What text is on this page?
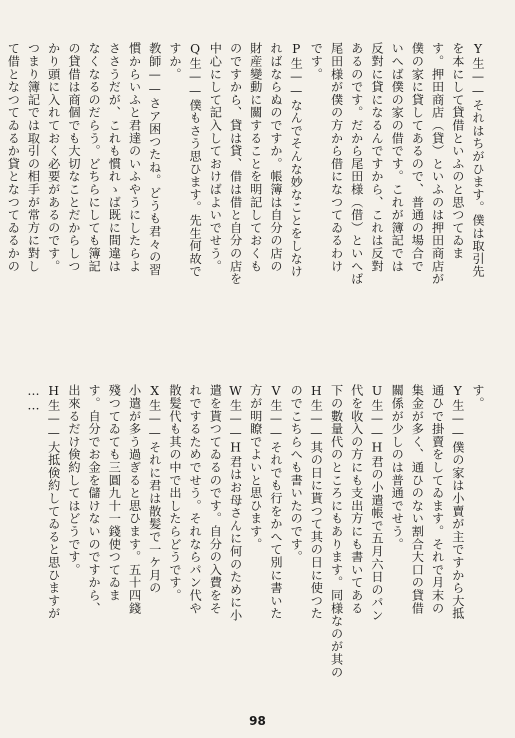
Y生——それはちがひます。僕は取引先

を本にして貸借といふのと思つてゐま

す。押田商店（貸）といふのは押田商店が

僕の家に貸してあるので、普通の場合で

いへば僕の家の借です。これが簿記では

反對に貸になるんですから、これは反對

あるのです。だから尾田様（借）といへば

尾田様が僕の方から借になつてゐるわけ

です。

P生——なんでそんな妙なことをしなけ

ればならぬのですか。帳簿は自分の店の

財産變動に關することを明記しておくも

のですから、貸は貸、借は借と自分の店を

中心にして記入しておけばよいでせう。

Q生——僕もさう思ひます。先生何故で

すか。

教師——さア困つたね。どうも君々の習

慣からいふと君達のいふやうにしたらよ

ささうだが、これも慣れゝば既に間違は

なくなるのだらう。どちらにしても簿記

の貸借は商個でも大切なことだからしつ

かり頭に入れておく必要があるのです。

つまり簿記では取引の相手が常方に對し

て借となつてゐるか貸となつてゐるかの

す。

Y生——僕の家は小賣が主ですから大抵

通ひで掛賣をしてゐます。それで月末の

集金が多く、通ひのない割合大口の貸借

關係が少しのは普通でせう。

U生——H君の小遣帳で五月六日のパン

代を收入の方にも支出方にも書いてある

下の數量代のところにもあります。同様なのが其の

H生——其の日に貰つて其の日に使つた

のでこちらへも書いたのです。

V生——それでも行をかへて別に書いた

方が明瞭でよいと思ひます。

W生——H君はお母さんに何のために小

遣を貰つてゐるのです。自分の入費をそ

れでするためでせう。それならパン代や

散髪代も其の中で出したらどうです。

X生——それに君は散髪で一ケ月の

小遣が多う過ぎると思ひます。五十四錢

殘つてゐても三圓九十一錢使つてゐま

す。自分でお金を儲けないのですから、

出來るだけ倹約してはどうです。

H生——大抵倹約してゐると思ひますが

……

98
